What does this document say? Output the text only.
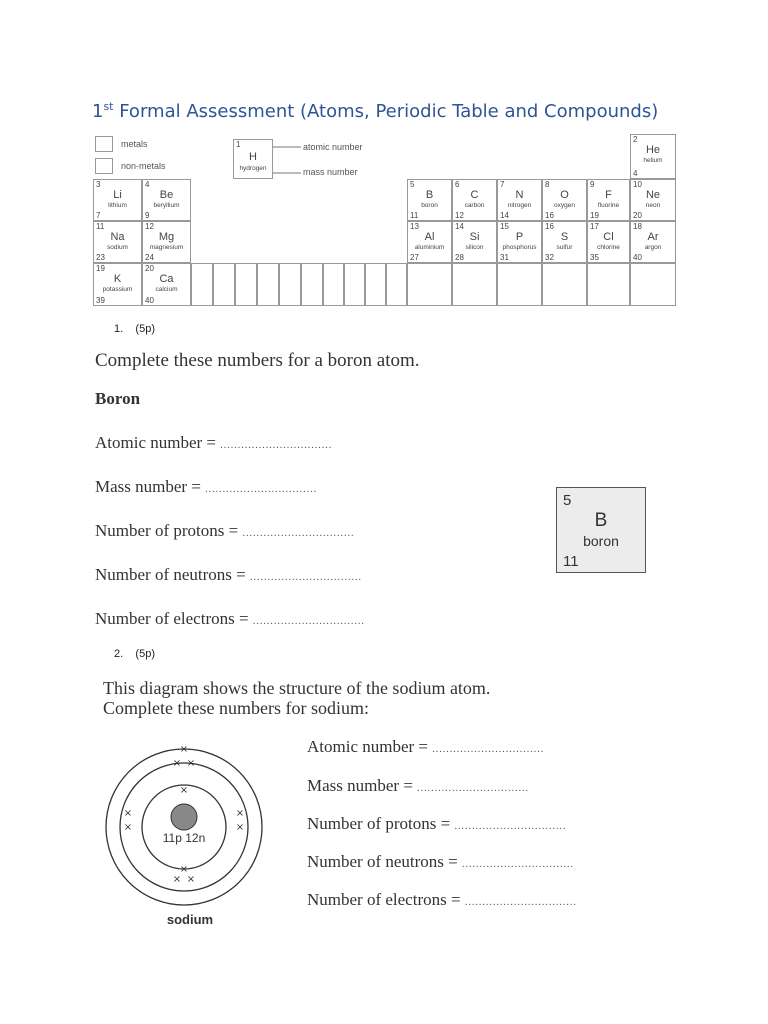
1st Formal Assessment (Atoms, Periodic Table and Compounds)
metals
non-metals
1
H
hydrogen
atomic number
mass number
2
He
helium
4
3
Li
lithium
7
4
Be
beryllium
9
5
B
boron
11
6
C
carbon
12
7
N
nitrogen
14
8
O
oxygen
16
9
F
fluorine
19
10
Ne
neon
20
11
Na
sodium
23
12
Mg
magnesium
24
13
Al
aluminium
27
14
Si
silicon
28
15
P
phosphorus
31
16
S
sulfur
32
17
Cl
chlorine
35
18
Ar
argon
40
19
K
potassium
39
20
Ca
calcium
40
1. (5p)
Complete these numbers for a boron atom.
Boron
Atomic number = ................................
Mass number = ................................
Number of protons = ................................
Number of neutrons = ................................
Number of electrons = ................................
5
B
boron
11
2. (5p)
This diagram shows the structure of the sodium atom.
Complete these numbers for sodium:
11p 12n
×
× ×
× ×
×
×
×
×
×
×
sodium
Atomic number = ................................
Mass number = ................................
Number of protons = ................................
Number of neutrons = ................................
Number of electrons = ................................
